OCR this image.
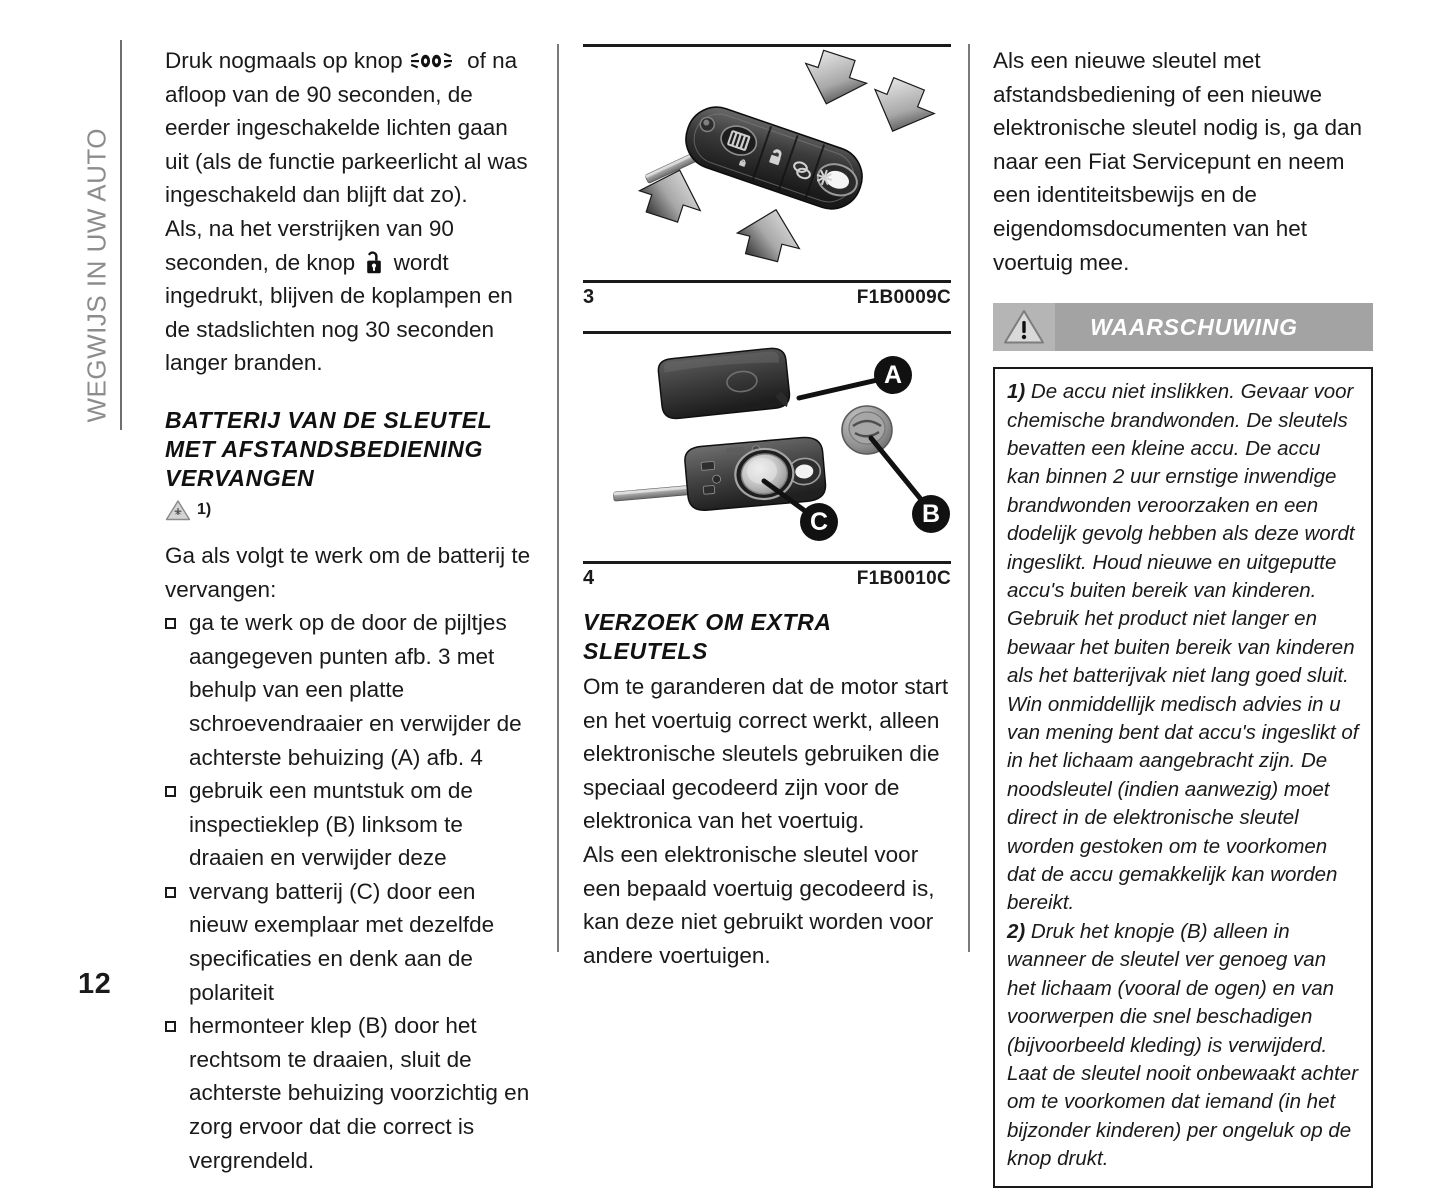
WEGWIJS IN UW AUTO
12

Druk nogmaals op knop  of na afloop van de 90 seconden, de eerder ingeschakelde lichten gaan uit (als de functie parkeerlicht al was ingeschakeld dan blijft dat zo).

Als, na het verstrijken van 90 seconden, de knop  wordt ingedrukt, blijven de koplampen en de stadslichten nog 30 seconden langer branden.

BATTERIJ VAN DE SLEUTEL MET AFSTANDSBEDIENING VERVANGEN
1)

Ga als volgt te werk om de batterij te vervangen:

ga te werk op de door de pijltjes aangegeven punten afb. 3 met behulp van een platte schroevendraaier en verwijder de achterste behuizing (A) afb. 4
gebruik een muntstuk om de inspectieklep (B) linksom te draaien en verwijder deze
vervang batterij (C) door een nieuw exemplaar met dezelfde specificaties en denk aan de polariteit
hermonteer klep (B) door het rechtsom te draaien, sluit de achterste behuizing voorzichtig en zorg ervoor dat die correct is vergrendeld.
3	F1B0009C
A
B
C
4	F1B0010C
VERZOEK OM EXTRA SLEUTELS

Om te garanderen dat de motor start en het voertuig correct werkt, alleen elektronische sleutels gebruiken die speciaal gecodeerd zijn voor de elektronica van het voertuig.

Als een elektronische sleutel voor een bepaald voertuig gecodeerd is, kan deze niet gebruikt worden voor andere voertuigen.

Als een nieuwe sleutel met afstandsbediening of een nieuwe elektronische sleutel nodig is, ga dan naar een Fiat Servicepunt en neem een identiteitsbewijs en de eigendomsdocumenten van het voertuig mee.

WAARSCHUWING

1) De accu niet inslikken. Gevaar voor chemische brandwonden. De sleutels bevatten een kleine accu. De accu kan binnen 2 uur ernstige inwendige brandwonden veroorzaken en een dodelijk gevolg hebben als deze wordt ingeslikt. Houd nieuwe en uitgeputte accu's buiten bereik van kinderen. Gebruik het product niet langer en bewaar het buiten bereik van kinderen als het batterijvak niet lang goed sluit. Win onmiddellijk medisch advies in u van mening bent dat accu's ingeslikt of in het lichaam aangebracht zijn. De noodsleutel (indien aanwezig) moet direct in de elektronische sleutel worden gestoken om te voorkomen dat de accu gemakkelijk kan worden bereikt.

2) Druk het knopje (B) alleen in wanneer de sleutel ver genoeg van het lichaam (vooral de ogen) en van voorwerpen die snel beschadigen (bijvoorbeeld kleding) is verwijderd. Laat de sleutel nooit onbewaakt achter om te voorkomen dat iemand (in het bijzonder kinderen) per ongeluk op de knop drukt.
